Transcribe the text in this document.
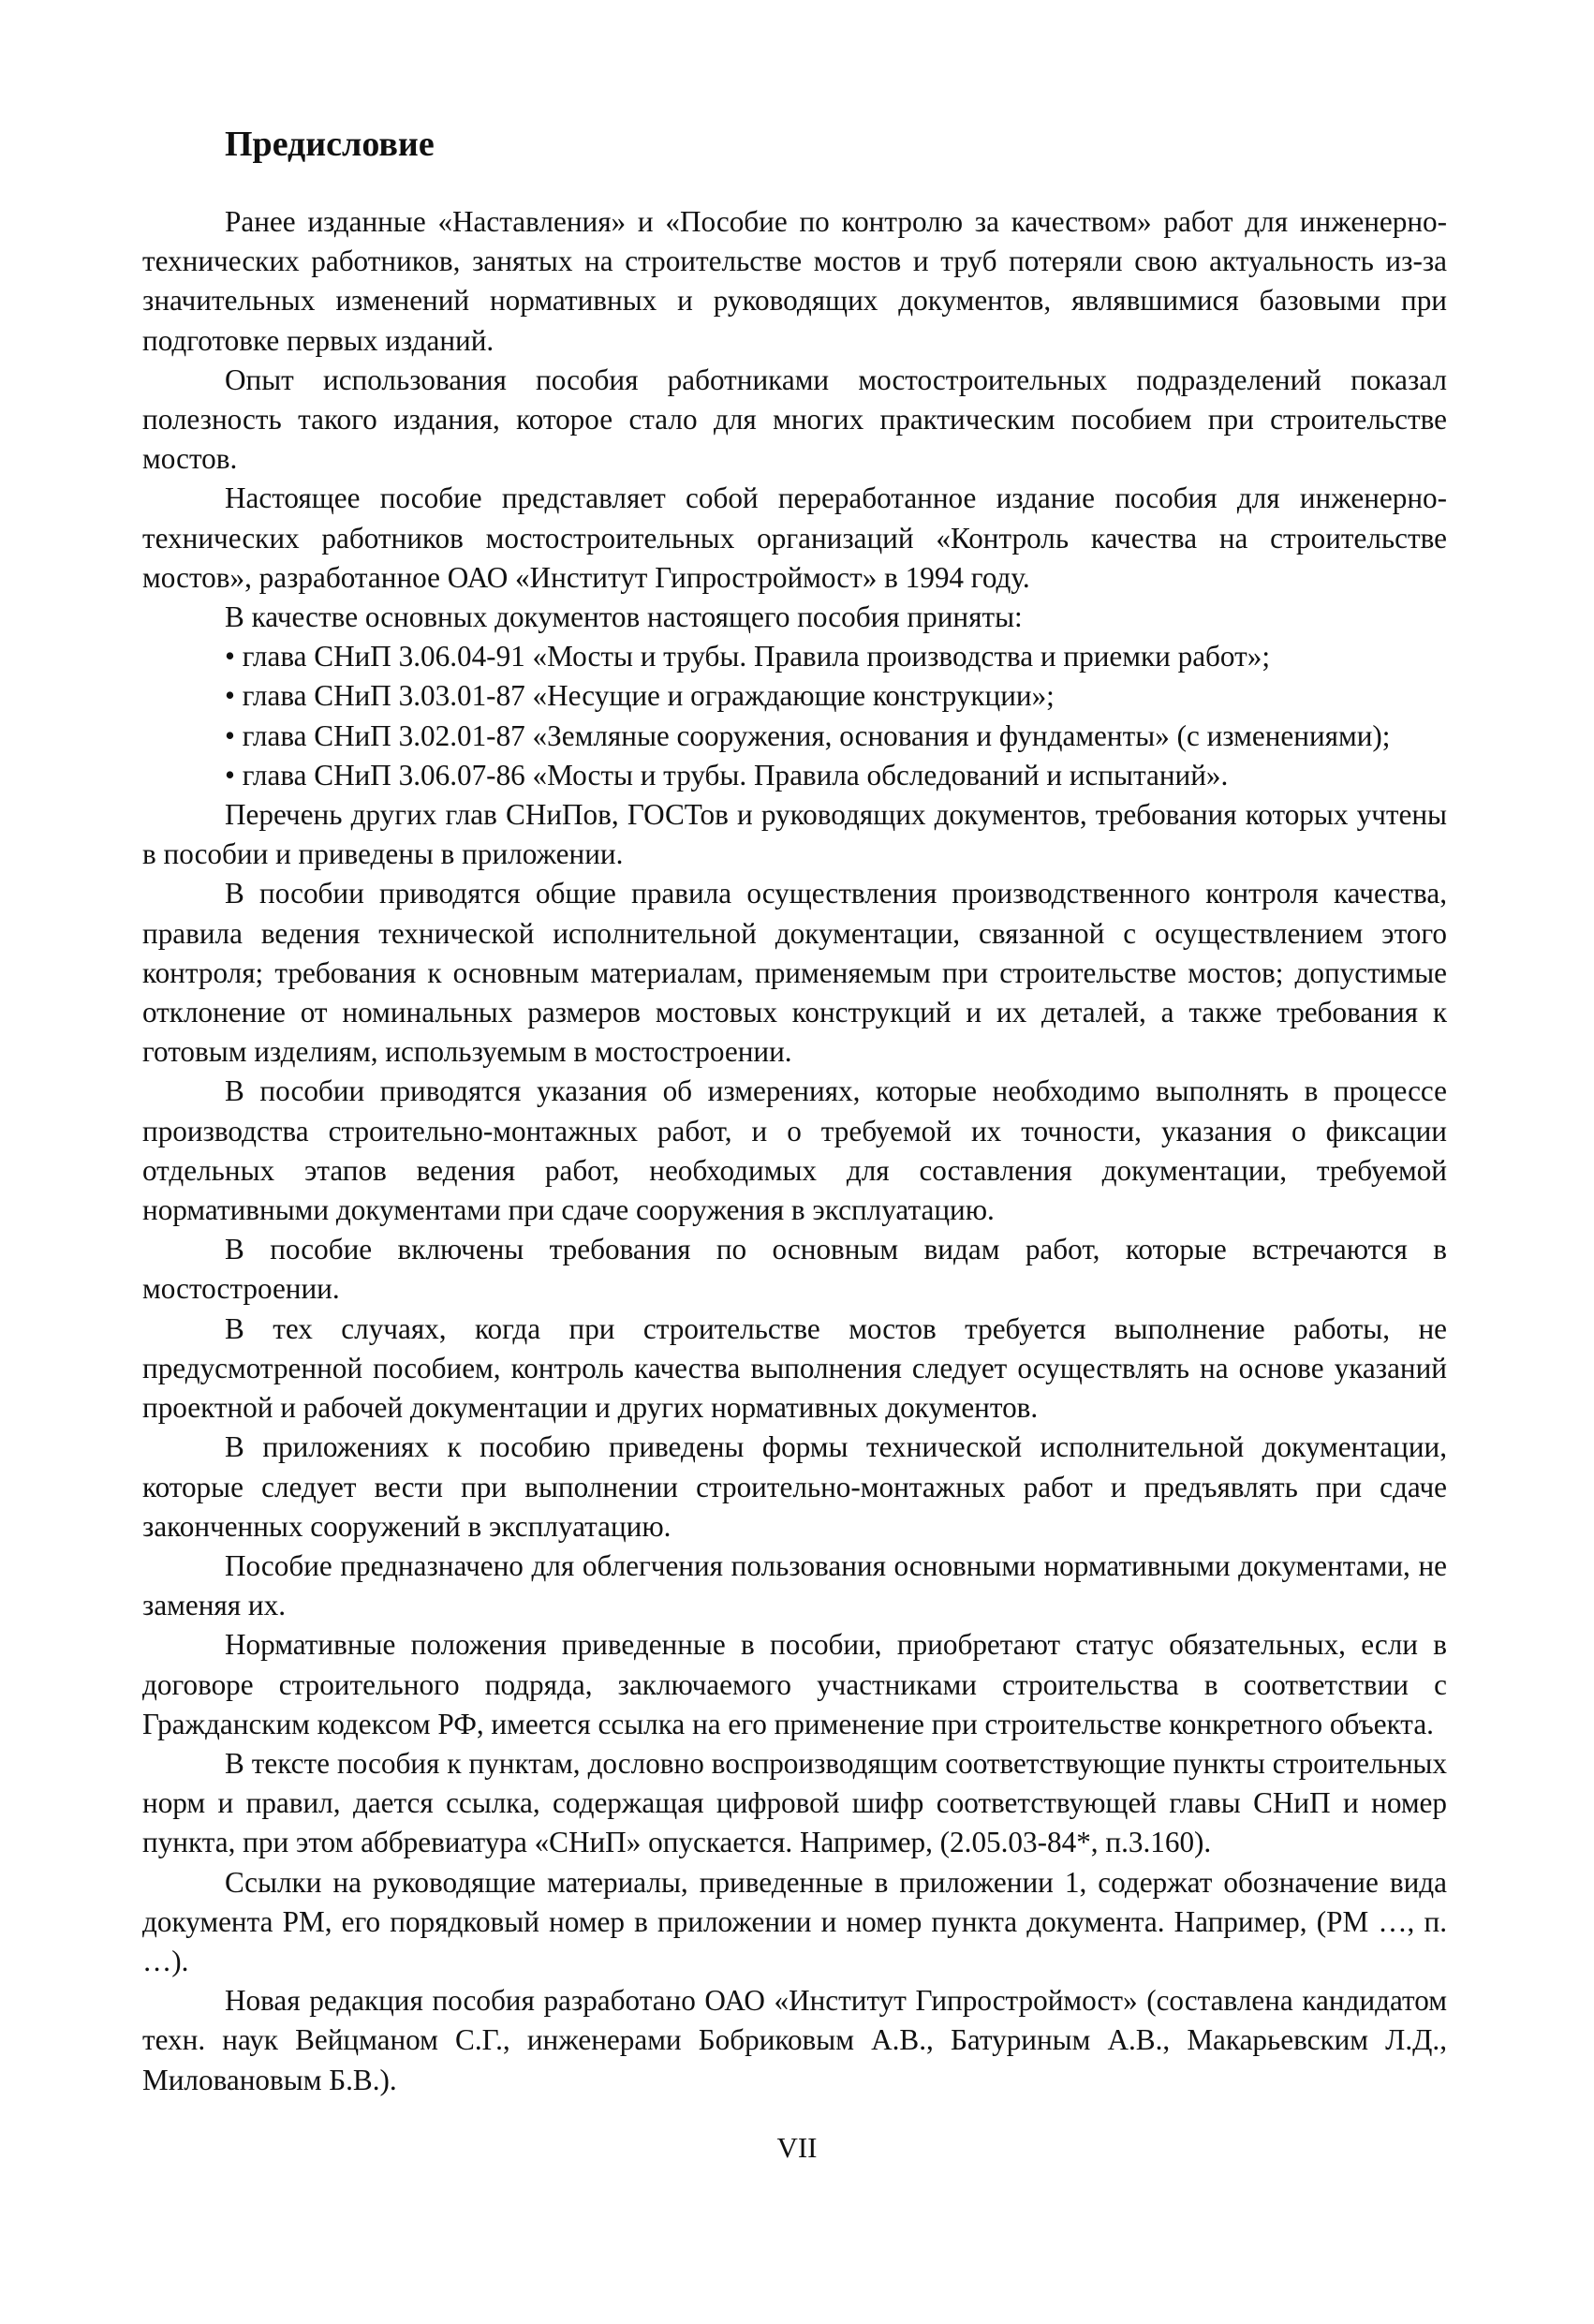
Предисловие

Ранее изданные «Наставления» и «Пособие по контролю за качеством» работ для инженерно-технических работников, занятых на строительстве мостов и труб потеряли свою актуальность из-за значительных изменений нормативных и руководящих документов, являвшимися базовыми при подготовке первых изданий.

Опыт использования пособия работниками мостостроительных подразделений показал полезность такого издания, которое стало для многих практическим пособием при строительстве мостов.

Настоящее пособие представляет собой переработанное издание пособия для инженерно-технических работников мостостроительных организаций «Контроль качества на строительстве мостов», разработанное ОАО «Институт Гипростроймост» в 1994 году.

В качестве основных документов настоящего пособия приняты:

• глава СНиП 3.06.04-91 «Мосты и трубы. Правила производства и приемки работ»;

• глава СНиП 3.03.01-87 «Несущие и ограждающие конструкции»;

• глава СНиП 3.02.01-87 «Земляные сооружения, основания и фундаменты» (с изменениями);

• глава СНиП 3.06.07-86 «Мосты и трубы. Правила обследований и испытаний».

Перечень других глав СНиПов, ГОСТов и руководящих документов, требования которых учтены в пособии и приведены в приложении.

В пособии приводятся общие правила осуществления производственного контроля качества, правила ведения технической исполнительной документации, связанной с осуществлением этого контроля; требования к основным материалам, применяемым при строительстве мостов; допустимые отклонение от номинальных размеров мостовых конструкций и их деталей, а также требования к готовым изделиям, используемым в мостостроении.

В пособии приводятся указания об измерениях, которые необходимо выполнять в процессе производства строительно-монтажных работ, и о требуемой их точности, указания о фиксации отдельных этапов ведения работ, необходимых для составления документации, требуемой нормативными документами при сдаче сооружения в эксплуатацию.

В пособие включены требования по основным видам работ, которые встречаются в мостостроении.

В тех случаях, когда при строительстве мостов требуется выполнение работы, не предусмотренной пособием, контроль качества выполнения следует осуществлять на основе указаний проектной и рабочей документации и других нормативных документов.

В приложениях к пособию приведены формы технической исполнительной документации, которые следует вести при выполнении строительно-монтажных работ и предъявлять при сдаче законченных сооружений в эксплуатацию.

Пособие предназначено для облегчения пользования основными нормативными документами, не заменяя их.

Нормативные положения приведенные в пособии, приобретают статус обязательных, если в договоре строительного подряда, заключаемого участниками строительства в соответствии с Гражданским кодексом РФ, имеется ссылка на его применение при строительстве конкретного объекта.

В тексте пособия к пунктам, дословно воспроизводящим соответствующие пункты строительных норм и правил, дается ссылка, содержащая цифровой шифр соответствующей главы СНиП и номер пункта, при этом аббревиатура «СНиП» опускается. Например, (2.05.03-84*, п.3.160).

Ссылки на руководящие материалы, приведенные в приложении 1, содержат обозначение вида документа РМ, его порядковый номер в приложении и номер пункта документа. Например, (РМ …, п. …).

Новая редакция пособия разработано ОАО «Институт Гипростроймост» (составлена кандидатом техн. наук Вейцманом С.Г., инженерами Бобриковым А.В., Батуриным А.В., Макарьевским Л.Д., Миловановым Б.В.).

VII
